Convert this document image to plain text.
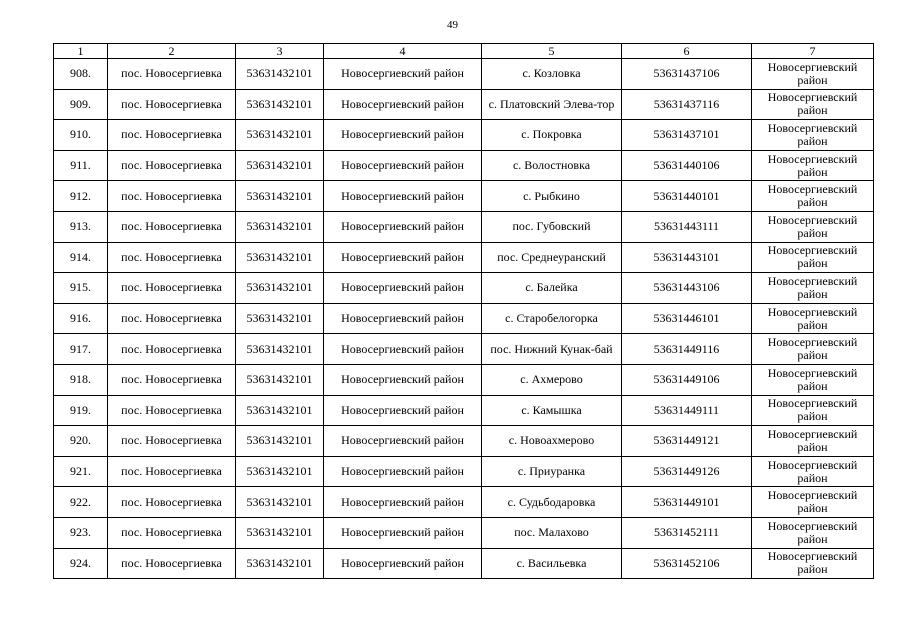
49
1	2	3	4	5	6	7
908.	пос. Новосергиевка	53631432101	Новосергиевский район	с. Козловка	53631437106	Новосергиевский район
909.	пос. Новосергиевка	53631432101	Новосергиевский район	с. Платовский Элева-тор	53631437116	Новосергиевский район
910.	пос. Новосергиевка	53631432101	Новосергиевский район	с. Покровка	53631437101	Новосергиевский район
911.	пос. Новосергиевка	53631432101	Новосергиевский район	с. Волостновка	53631440106	Новосергиевский район
912.	пос. Новосергиевка	53631432101	Новосергиевский район	с. Рыбкино	53631440101	Новосергиевский район
913.	пос. Новосергиевка	53631432101	Новосергиевский район	пос. Губовский	53631443111	Новосергиевский район
914.	пос. Новосергиевка	53631432101	Новосергиевский район	пос. Среднеуранский	53631443101	Новосергиевский район
915.	пос. Новосергиевка	53631432101	Новосергиевский район	с. Балейка	53631443106	Новосергиевский район
916.	пос. Новосергиевка	53631432101	Новосергиевский район	с. Старобелогорка	53631446101	Новосергиевский район
917.	пос. Новосергиевка	53631432101	Новосергиевский район	пос. Нижний Кунак-бай	53631449116	Новосергиевский район
918.	пос. Новосергиевка	53631432101	Новосергиевский район	с. Ахмерово	53631449106	Новосергиевский район
919.	пос. Новосергиевка	53631432101	Новосергиевский район	с. Камышка	53631449111	Новосергиевский район
920.	пос. Новосергиевка	53631432101	Новосергиевский район	с. Новоахмерово	53631449121	Новосергиевский район
921.	пос. Новосергиевка	53631432101	Новосергиевский район	с. Приуранка	53631449126	Новосергиевский район
922.	пос. Новосергиевка	53631432101	Новосергиевский район	с. Судьбодаровка	53631449101	Новосергиевский район
923.	пос. Новосергиевка	53631432101	Новосергиевский район	пос. Малахово	53631452111	Новосергиевский район
924.	пос. Новосергиевка	53631432101	Новосергиевский район	с. Васильевка	53631452106	Новосергиевский район
